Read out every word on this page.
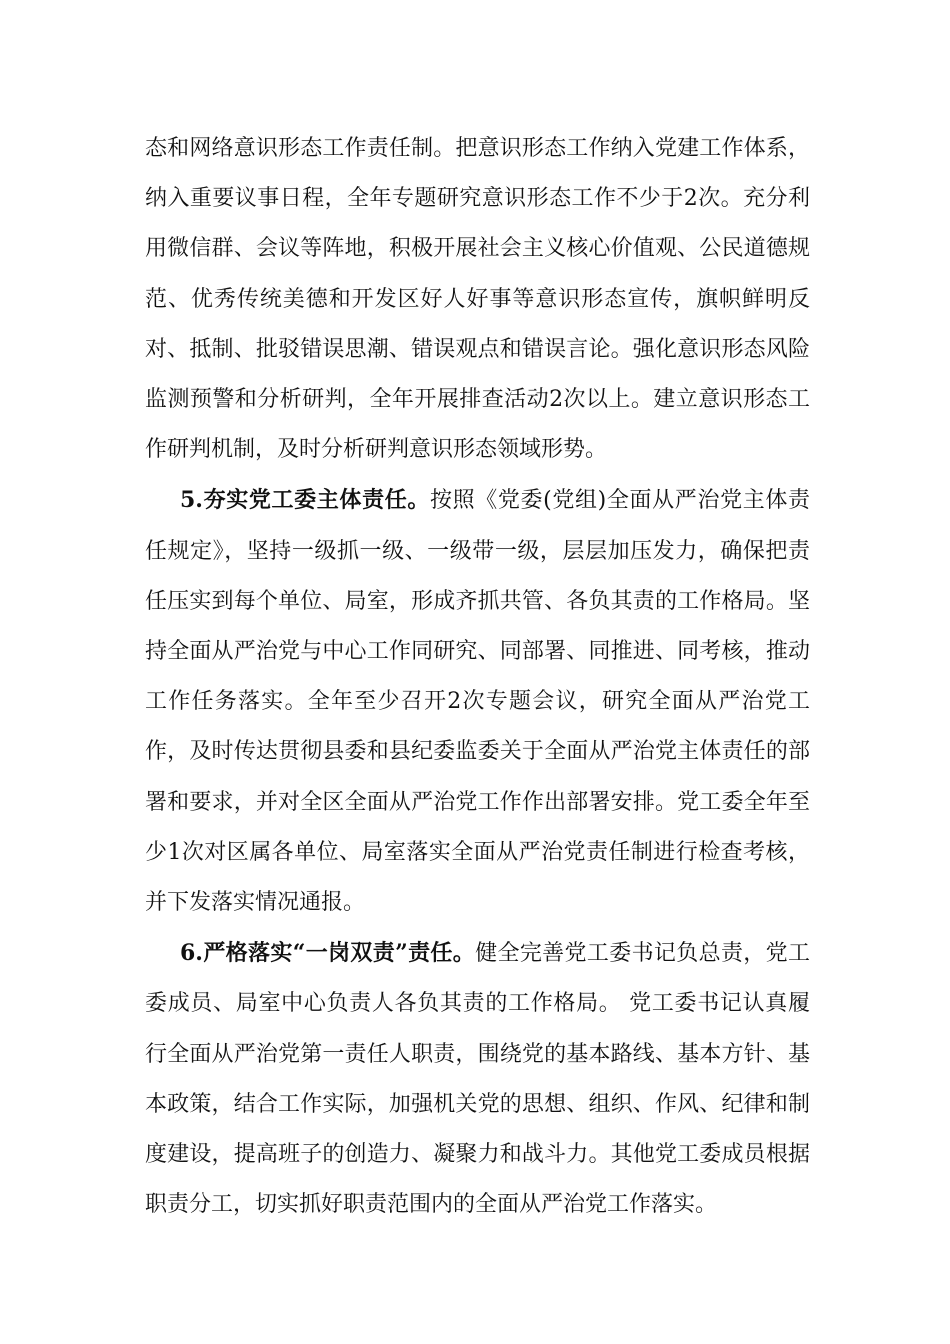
态和网络意识形态工作责任制。把意识形态工作纳入党建工作体系，纳入重要议事日程，全年专题研究意识形态工作不少于2次。充分利用微信群、会议等阵地，积极开展社会主义核心价值观、公民道德规范、优秀传统美德和开发区好人好事等意识形态宣传，旗帜鲜明反对、抵制、批驳错误思潮、错误观点和错误言论。强化意识形态风险监测预警和分析研判，全年开展排查活动2次以上。建立意识形态工作研判机制，及时分析研判意识形态领域形势。

5.夯实党工委主体责任。按照《党委(党组)全面从严治党主体责任规定》，坚持一级抓一级、一级带一级，层层加压发力，确保把责任压实到每个单位、局室，形成齐抓共管、各负其责的工作格局。坚持全面从严治党与中心工作同研究、同部署、同推进、同考核，推动工作任务落实。全年至少召开2次专题会议，研究全面从严治党工作，及时传达贯彻县委和县纪委监委关于全面从严治党主体责任的部署和要求，并对全区全面从严治党工作作出部署安排。党工委全年至少1次对区属各单位、局室落实全面从严治党责任制进行检查考核，并下发落实情况通报。

6.严格落实“一岗双责”责任。健全完善党工委书记负总责，党工委成员、局室中心负责人各负其责的工作格局。 党工委书记认真履行全面从严治党第一责任人职责，围绕党的基本路线、基本方针、基本政策，结合工作实际，加强机关党的思想、组织、作风、纪律和制度建设，提高班子的创造力、凝聚力和战斗力。其他党工委成员根据职责分工，切实抓好职责范围内的全面从严治党工作落实。
